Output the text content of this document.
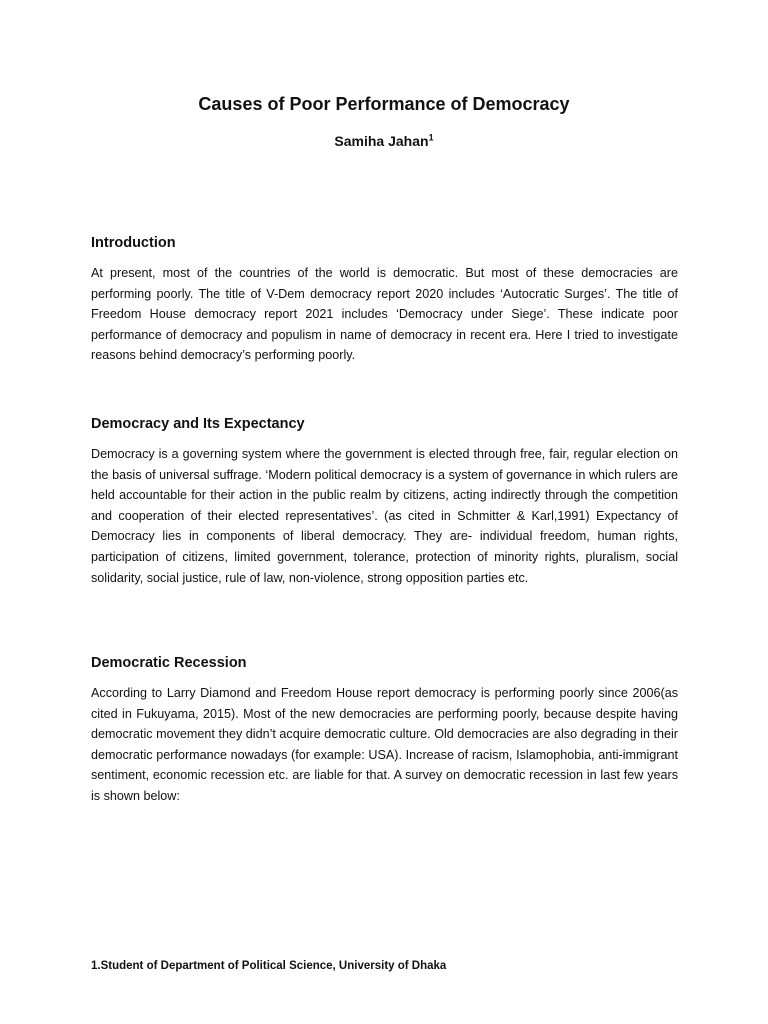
Causes of Poor Performance of Democracy
Samiha Jahan$^1$
Introduction

At present, most of the countries of the world is democratic. But most of these democracies are performing poorly. The title of V-Dem democracy report 2020 includes ‘Autocratic Surges’. The title of Freedom House democracy report 2021 includes ‘Democracy under Siege’. These indicate poor performance of democracy and populism in name of democracy in recent era. Here I tried to investigate reasons behind democracy’s performing poorly.

Democracy and Its Expectancy

Democracy is a governing system where the government is elected through free, fair, regular election on the basis of universal suffrage. ‘Modern political democracy is a system of governance in which rulers are held accountable for their action in the public realm by citizens, acting indirectly through the competition and cooperation of their elected representatives’. (as cited in Schmitter & Karl,1991) Expectancy of Democracy lies in components of liberal democracy. They are- individual freedom, human rights, participation of citizens, limited government, tolerance, protection of minority rights, pluralism, social solidarity, social justice, rule of law, non-violence, strong opposition parties etc.

Democratic Recession

According to Larry Diamond and Freedom House report democracy is performing poorly since 2006(as cited in Fukuyama, 2015). Most of the new democracies are performing poorly, because despite having democratic movement they didn’t acquire democratic culture. Old democracies are also degrading in their democratic performance nowadays (for example: USA). Increase of racism, Islamophobia, anti-immigrant sentiment, economic recession etc. are liable for that. A survey on democratic recession in last few years is shown below:

1.Student of Department of Political Science, University of Dhaka
